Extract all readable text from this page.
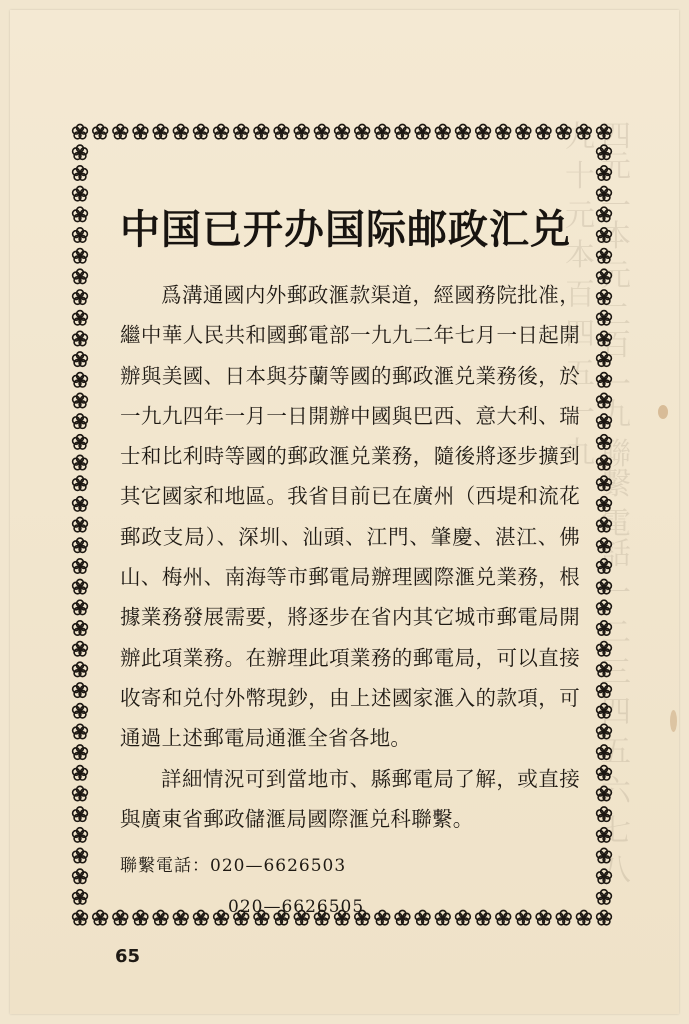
四元 一本 元 二百 一九 聯繫 電話 一 二 三 四 五 六 七 八 九 十 元 本 百 四 五 一 九
中国已开办国际邮政汇兑

爲溝通國内外郵政滙款渠道，經國務院批准，繼中華人民共和國郵電部一九九二年七月一日起開辦與美國、日本與芬蘭等國的郵政滙兑業務後，於一九九四年一月一日開辦中國與巴西、意大利、瑞士和比利時等國的郵政滙兑業務，隨後將逐步擴到其它國家和地區。我省目前已在廣州（西堤和流花郵政支局）、深圳、汕頭、江門、肇慶、湛江、佛山、梅州、南海等市郵電局辦理國際滙兑業務，根據業務發展需要，將逐步在省内其它城市郵電局開辦此項業務。在辦理此項業務的郵電局，可以直接收寄和兑付外幣現鈔，由上述國家滙入的款項，可通過上述郵電局通滙全省各地。

詳細情況可到當地市、縣郵電局了解，或直接與廣東省郵政儲滙局國際滙兑科聯繫。

聯繫電話：020—6626503
020—6626505
65
